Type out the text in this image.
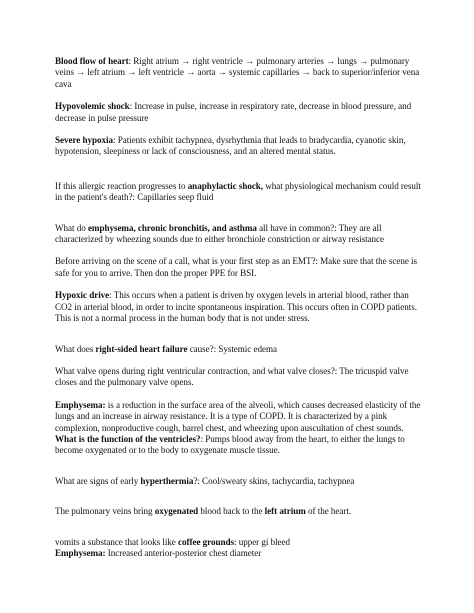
Blood flow of heart: Right atrium → right ventricle → pulmonary arteries → lungs → pulmonary veins → left atrium → left ventricle → aorta → systemic capillaries → back to superior/inferior vena cava

Hypovolemic shock: Increase in pulse, increase in respiratory rate, decrease in blood pressure, and decrease in pulse pressure

Severe hypoxia: Patients exhibit tachypnea, dysrhythmia that leads to bradycardia, cyanotic skin, hypotension, sleepiness or lack of consciousness, and an altered mental status.

If this allergic reaction progresses to anaphylactic shock, what physiological mechanism could result in the patient's death?: Capillaries seep fluid

What do emphysema, chronic bronchitis, and asthma all have in common?: They are all characterized by wheezing sounds due to either bronchiole constriction or airway resistance

Before arriving on the scene of a call, what is your first step as an EMT?: Make sure that the scene is safe for you to arrive. Then don the proper PPE for BSI.

Hypoxic drive: This occurs when a patient is driven by oxygen levels in arterial blood, rather than CO2 in arterial blood, in order to incite spontaneous inspiration. This occurs often in COPD patients. This is not a normal process in the human body that is not under stress.

What does right-sided heart failure cause?: Systemic edema

What valve opens during right ventricular contraction, and what valve closes?: The tricuspid valve closes and the pulmonary valve opens.

Emphysema: is a reduction in the surface area of the alveoli, which causes decreased elasticity of the lungs and an increase in airway resistance. It is a type of COPD. It is characterized by a pink complexion, nonproductive cough, barrel chest, and wheezing upon auscultation of chest sounds.

What is the function of the ventricles?: Pumps blood away from the heart, to either the lungs to become oxygenated or to the body to oxygenate muscle tissue.

What are signs of early hyperthermia?: Cool/sweaty skins, tachycardia, tachypnea

The pulmonary veins bring oxygenated blood back to the left atrium of the heart.

vomits a substance that looks like coffee grounds: upper gi bleed

Emphysema: Increased anterior-posterior chest diameter
